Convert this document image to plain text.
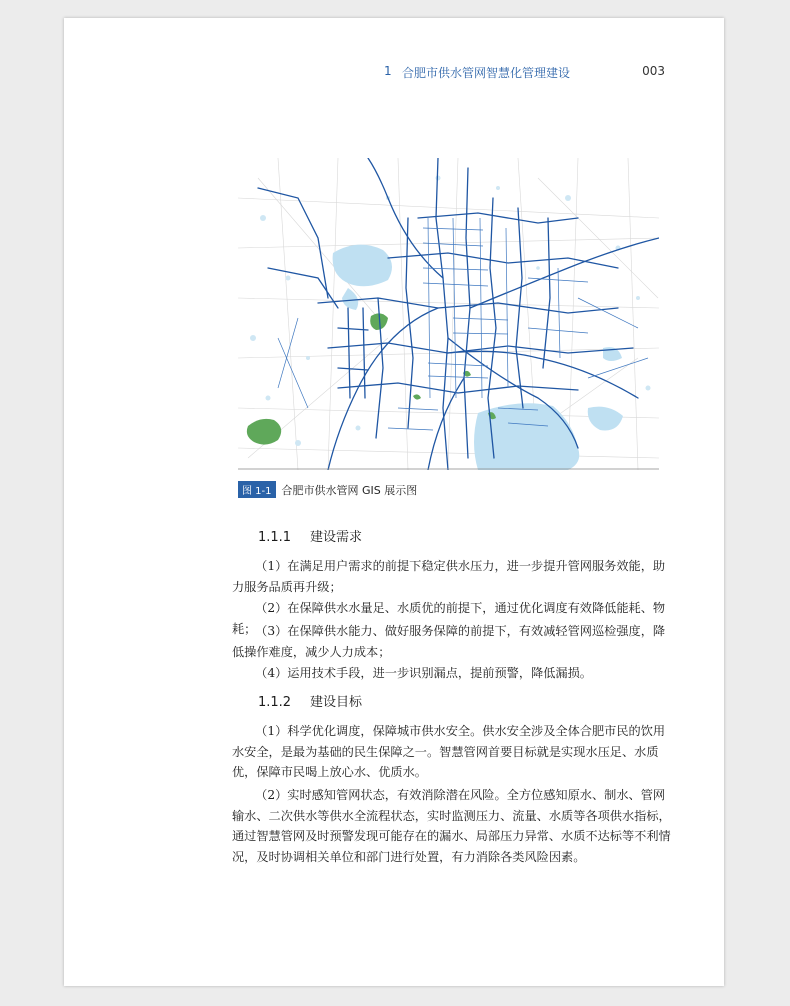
1 合肥市供水管网智慧化管理建设	003
图 1-1 合肥市供水管网 GIS 展示图
1.1.1 建设需求

（1）在满足用户需求的前提下稳定供水压力，进一步提升管网服务效能，助力服务品质再升级；

（2）在保障供水水量足、水质优的前提下，通过优化调度有效降低能耗、物耗；

（3）在保障供水能力、做好服务保障的前提下，有效减轻管网巡检强度，降低操作难度，减少人力成本；

（4）运用技术手段，进一步识别漏点，提前预警，降低漏损。

1.1.2 建设目标

（1）科学优化调度，保障城市供水安全。供水安全涉及全体合肥市民的饮用水安全，是最为基础的民生保障之一。智慧管网首要目标就是实现水压足、水质优，保障市民喝上放心水、优质水。

（2）实时感知管网状态，有效消除潜在风险。全方位感知原水、制水、管网输水、二次供水等供水全流程状态，实时监测压力、流量、水质等各项供水指标，通过智慧管网及时预警发现可能存在的漏水、局部压力异常、水质不达标等不利情况，及时协调相关单位和部门进行处置，有力消除各类风险因素。
